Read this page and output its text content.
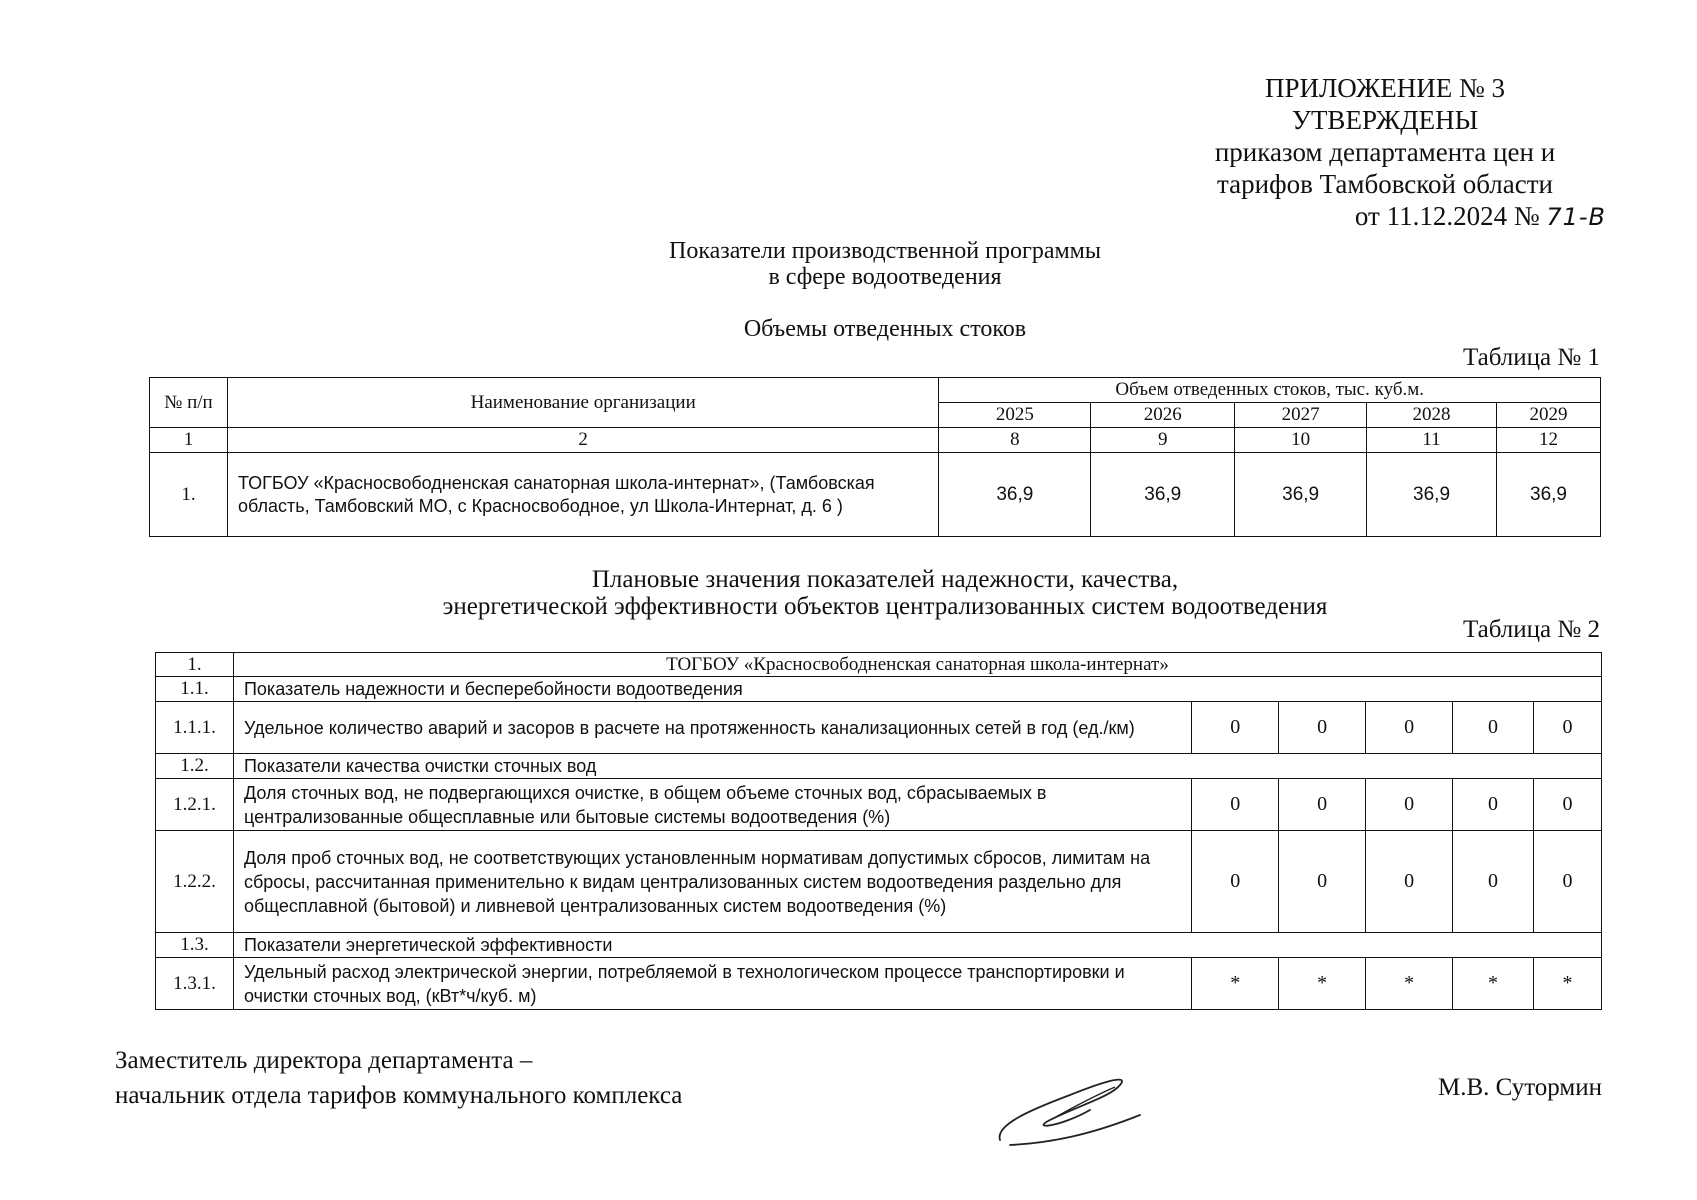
ПРИЛОЖЕНИЕ № 3
УТВЕРЖДЕНЫ
приказом департамента цен и
тарифов Тамбовской области
от 11.12.2024 № 71-В
Показатели производственной программы
в сфере водоотведения
Объемы отведенных стоков
Таблица № 1
№ п/п	Наименование организации	Объем отведенных стоков, тыс. куб.м.				
		2025	2026	2027	2028	2029
1	2	8	9	10	11	12
1.	ТОГБОУ «Красносвободненская санаторная школа-интернат», (Тамбовская область, Тамбовский МО, с Красносвободное, ул Школа-Интернат, д. 6 )	36,9	36,9	36,9	36,9	36,9
Плановые значения показателей надежности, качества,
энергетической эффективности объектов централизованных систем водоотведения
Таблица № 2
1.	ТОГБОУ «Красносвободненская санаторная школа-интернат»					
1.1.	Показатель надежности и бесперебойности водоотведения					
1.1.1.	Удельное количество аварий и засоров в расчете на протяженность канализационных сетей в год (ед./км)	0	0	0	0	0
1.2.	Показатели качества очистки сточных вод					
1.2.1.	Доля сточных вод, не подвергающихся очистке, в общем объеме сточных вод, сбрасываемых в централизованные общесплавные или бытовые системы водоотведения (%)	0	0	0	0	0
1.2.2.	Доля проб сточных вод, не соответствующих установленным нормативам допустимых сбросов, лимитам на сбросы, рассчитанная применительно к видам централизованных систем водоотведения раздельно для общесплавной (бытовой) и ливневой централизованных систем водоотведения (%)	0	0	0	0	0
1.3.	Показатели энергетической эффективности					
1.3.1.	Удельный расход электрической энергии, потребляемой в технологическом процессе транспортировки и очистки сточных вод, (кВт*ч/куб. м)	*	*	*	*	*
Заместитель директора департамента –
начальник отдела тарифов коммунального комплекса	М.В. Сутормин
